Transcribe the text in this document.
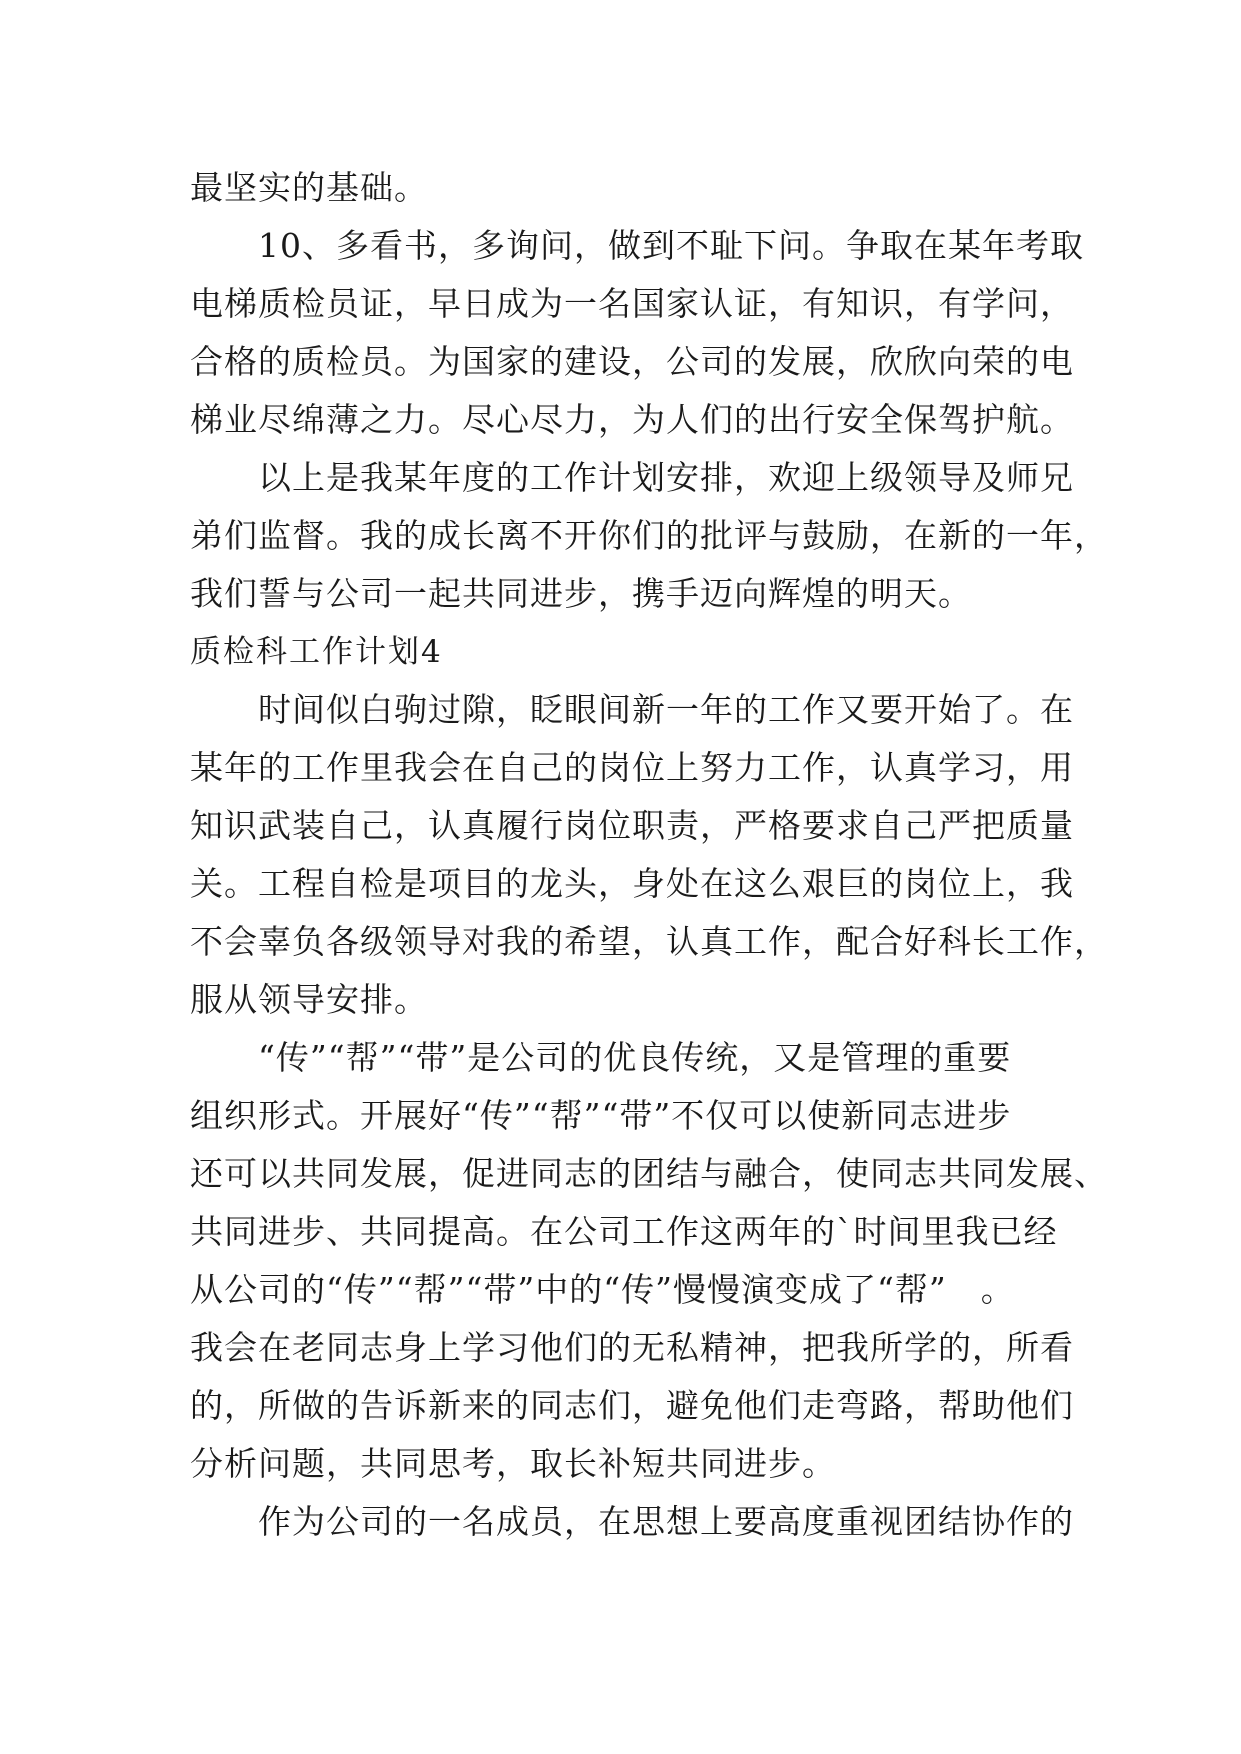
最坚实的基础。
10、多看书，多询问，做到不耻下问。争取在某年考取
电梯质检员证，早日成为一名国家认证，有知识，有学问，
合格的质检员。为国家的建设，公司的发展，欣欣向荣的电
梯业尽绵薄之力。尽心尽力，为人们的出行安全保驾护航。
以上是我某年度的工作计划安排，欢迎上级领导及师兄
弟们监督。我的成长离不开你们的批评与鼓励，在新的一年，
我们誓与公司一起共同进步，携手迈向辉煌的明天。
质检科工作计划4
时间似白驹过隙，眨眼间新一年的工作又要开始了。在
某年的工作里我会在自己的岗位上努力工作，认真学习，用
知识武装自己，认真履行岗位职责，严格要求自己严把质量
关。工程自检是项目的龙头，身处在这么艰巨的岗位上，我
不会辜负各级领导对我的希望，认真工作，配合好科长工作，
服从领导安排。
“传”“帮”“带”是公司的优良传统，又是管理的重要
组织形式。开展好“传”“帮”“带”不仅可以使新同志进步
还可以共同发展，促进同志的团结与融合，使同志共同发展、
共同进步、共同提高。在公司工作这两年的`时间里我已经
从公司的“传”“帮”“带”中的“传”慢慢演变成了“帮”　。
我会在老同志身上学习他们的无私精神，把我所学的，所看
的，所做的告诉新来的同志们，避免他们走弯路，帮助他们
分析问题，共同思考，取长补短共同进步。
作为公司的一名成员，在思想上要高度重视团结协作的
